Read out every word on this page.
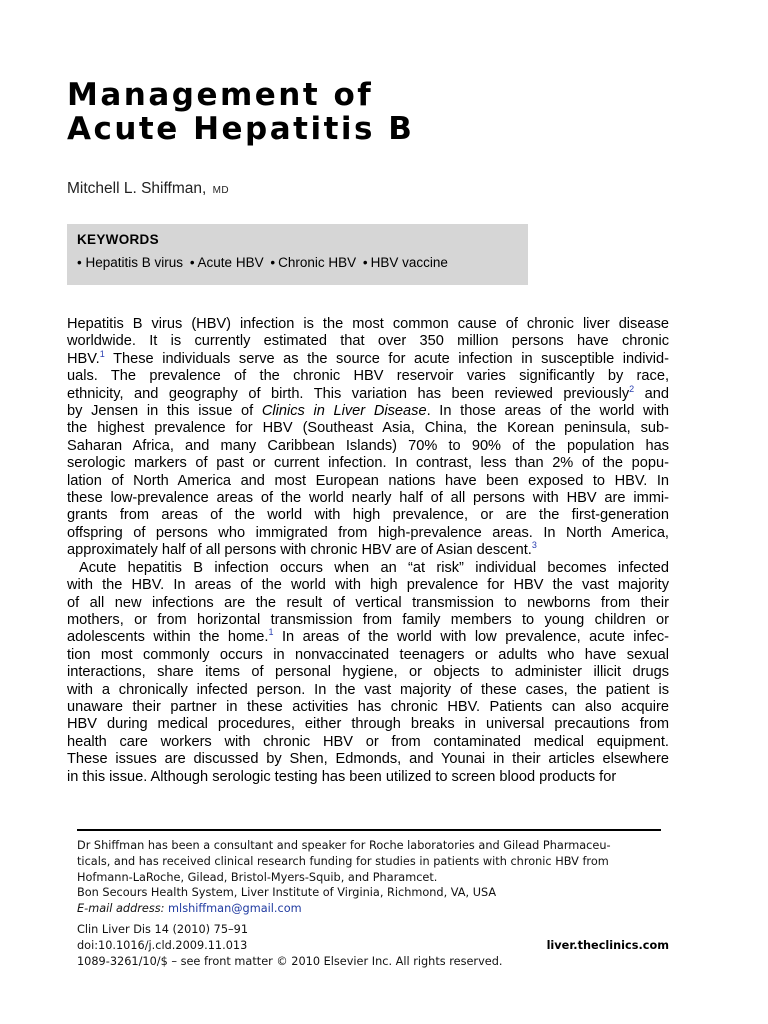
Management of
Acute Hepatitis B
Mitchell L. Shiffman, MD
KEYWORDS
• Hepatitis B virus • Acute HBV • Chronic HBV • HBV vaccine
Hepatitis B virus (HBV) infection is the most common cause of chronic liver disease
worldwide. It is currently estimated that over 350 million persons have chronic
HBV.$^1$ These individuals serve as the source for acute infection in susceptible individ-
uals. The prevalence of the chronic HBV reservoir varies significantly by race,
ethnicity, and geography of birth. This variation has been reviewed previously$^2$ and
by Jensen in this issue of Clinics in Liver Disease. In those areas of the world with
the highest prevalence for HBV (Southeast Asia, China, the Korean peninsula, sub-
Saharan Africa, and many Caribbean Islands) 70% to 90% of the population has
serologic markers of past or current infection. In contrast, less than 2% of the popu-
lation of North America and most European nations have been exposed to HBV. In
these low-prevalence areas of the world nearly half of all persons with HBV are immi-
grants from areas of the world with high prevalence, or are the first-generation
offspring of persons who immigrated from high-prevalence areas. In North America,
approximately half of all persons with chronic HBV are of Asian descent.$^3$
Acute hepatitis B infection occurs when an “at risk” individual becomes infected
with the HBV. In areas of the world with high prevalence for HBV the vast majority
of all new infections are the result of vertical transmission to newborns from their
mothers, or from horizontal transmission from family members to young children or
adolescents within the home.$^1$ In areas of the world with low prevalence, acute infec-
tion most commonly occurs in nonvaccinated teenagers or adults who have sexual
interactions, share items of personal hygiene, or objects to administer illicit drugs
with a chronically infected person. In the vast majority of these cases, the patient is
unaware their partner in these activities has chronic HBV. Patients can also acquire
HBV during medical procedures, either through breaks in universal precautions from
health care workers with chronic HBV or from contaminated medical equipment.
These issues are discussed by Shen, Edmonds, and Younai in their articles elsewhere
in this issue. Although serologic testing has been utilized to screen blood products for
Dr Shiffman has been a consultant and speaker for Roche laboratories and Gilead Pharmaceu-
ticals, and has received clinical research funding for studies in patients with chronic HBV from
Hofmann-LaRoche, Gilead, Bristol-Myers-Squib, and Pharamcet.
Bon Secours Health System, Liver Institute of Virginia, Richmond, VA, USA
E-mail address: mlshiffman@gmail.com
Clin Liver Dis 14 (2010) 75–91
doi:10.1016/j.cld.2009.11.013
1089-3261/10/$ – see front matter © 2010 Elsevier Inc. All rights reserved.
liver.theclinics.com
